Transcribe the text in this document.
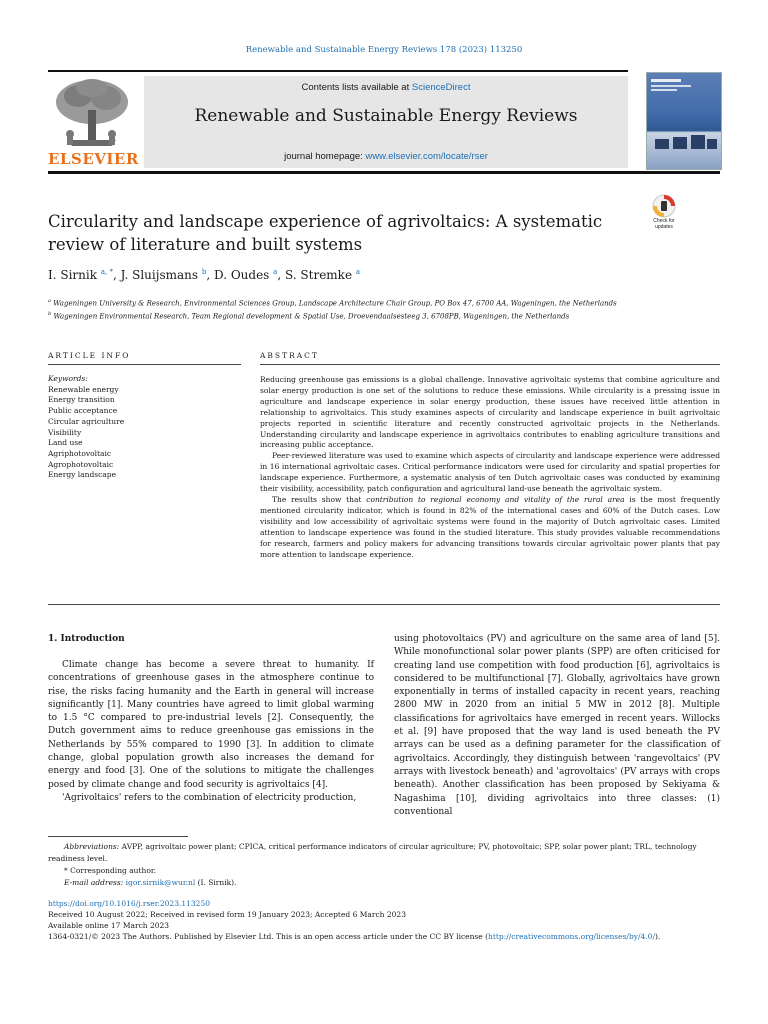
Renewable and Sustainable Energy Reviews 178 (2023) 113250
ELSEVIER
Contents lists available at ScienceDirect
Renewable and Sustainable Energy Reviews
journal homepage: www.elsevier.com/locate/rser
Circularity and landscape experience of agrivoltaics: A systematic review of literature and built systems
Check for updates
I. Sirnik $^{a, *}$, J. Sluijsmans $^b$, D. Oudes $^a$, S. Stremke $^a$
$^a$ Wageningen University & Research, Environmental Sciences Group, Landscape Architecture Chair Group, PO Box 47, 6700 AA, Wageningen, the Netherlands
$^b$ Wageningen Environmental Research, Team Regional development & Spatial Use, Droevendaalsesteeg 3, 6708PB, Wageningen, the Netherlands
ARTICLE INFO	ABSTRACT
Keywords:
Renewable energy
Energy transition
Public acceptance
Circular agriculture
Visibility
Land use
Agriphotovoltaic
Agrophotovoltaic
Energy landscape

Reducing greenhouse gas emissions is a global challenge. Innovative agrivoltaic systems that combine agriculture and solar energy production is one set of the solutions to reduce these emissions. While circularity is a pressing issue in agriculture and landscape experience in solar energy production, these issues have received little attention in relationship to agrivoltaics. This study examines aspects of circularity and landscape experience in built agrivoltaic projects reported in scientific literature and recently constructed agrivoltaic projects in the Netherlands. Understanding circularity and landscape experience in agrivoltaics contributes to enabling agriculture transitions and increasing public acceptance.

Peer-reviewed literature was used to examine which aspects of circularity and landscape experience were addressed in 16 international agrivoltaic cases. Critical performance indicators were used for circularity and spatial properties for landscape experience. Furthermore, a systematic analysis of ten Dutch agrivoltaic cases was conducted by examining their visibility, accessibility, patch configuration and agricultural land-use beneath the agrivoltaic system.

The results show that contribution to regional economy and vitality of the rural area is the most frequently mentioned circularity indicator, which is found in 82% of the international cases and 60% of the Dutch cases. Low visibility and low accessibility of agrivoltaic systems were found in the majority of Dutch agrivoltaic cases. Limited attention to landscape experience was found in the studied literature. This study provides valuable recommendations for research, farmers and policy makers for advancing transitions towards circular agrivoltaic power plants that pay more attention to landscape experience.

1. Introduction

Climate change has become a severe threat to humanity. If concentrations of greenhouse gases in the atmosphere continue to rise, the risks facing humanity and the Earth in general will increase significantly [1]. Many countries have agreed to limit global warming to 1.5 °C compared to pre-industrial levels [2]. Consequently, the Dutch government aims to reduce greenhouse gas emissions in the Netherlands by 55% compared to 1990 [3]. In addition to climate change, global population growth also increases the demand for energy and food [3]. One of the solutions to mitigate the challenges posed by climate change and food security is agrivoltaics [4].

'Agrivoltaics' refers to the combination of electricity production,

using photovoltaics (PV) and agriculture on the same area of land [5]. While monofunctional solar power plants (SPP) are often criticised for creating land use competition with food production [6], agrivoltaics is considered to be multifunctional [7]. Globally, agrivoltaics have grown exponentially in terms of installed capacity in recent years, reaching 2800 MW in 2020 from an initial 5 MW in 2012 [8]. Multiple classifications for agrivoltaics have emerged in recent years. Willocks et al. [9] have proposed that the way land is used beneath the PV arrays can be used as a defining parameter for the classification of agrivoltaics. Accordingly, they distinguish between 'rangevoltaics' (PV arrays with livestock beneath) and 'agrovoltaics' (PV arrays with crops beneath). Another classification has been proposed by Sekiyama & Nagashima [10], dividing agrivoltaics into three classes: (1) conventional

Abbreviations: AVPP, agrivoltaic power plant; CPICA, critical performance indicators of circular agriculture; PV, photovoltaic; SPP, solar power plant; TRL, technology readiness level.
* Corresponding author.
E-mail address: igor.sirnik@wur.nl (I. Sirnik).
https://doi.org/10.1016/j.rser.2023.113250
Received 10 August 2022; Received in revised form 19 January 2023; Accepted 6 March 2023
Available online 17 March 2023
1364-0321/© 2023 The Authors. Published by Elsevier Ltd. This is an open access article under the CC BY license (http://creativecommons.org/licenses/by/4.0/).
